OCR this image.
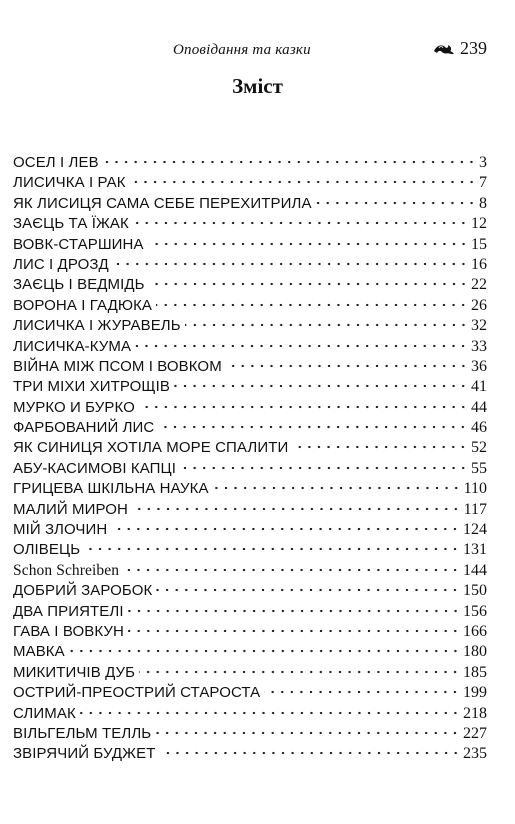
Оповідання та казки	239
Зміст
ОСЕЛ І ЛЕВ	3
ЛИСИЧКА І РАК	7
ЯК ЛИСИЦЯ САМА СЕБЕ ПЕРЕХИТРИЛА	8
ЗАЄЦЬ ТА ЇЖАК	12
ВОВК-СТАРШИНА	15
ЛИС І ДРОЗД	16
ЗАЄЦЬ І ВЕДМІДЬ	22
ВОРОНА І ГАДЮКА	26
ЛИСИЧКА І ЖУРАВЕЛЬ	32
ЛИСИЧКА-КУМА	33
ВІЙНА МІЖ ПСОМ І ВОВКОМ	36
ТРИ МІХИ ХИТРОЩІВ	41
МУРКО И БУРКО	44
ФАРБОВАНИЙ ЛИС	46
ЯК СИНИЦЯ ХОТІЛА МОРЕ СПАЛИТИ	52
АБУ-КАСИМОВІ КАПЦІ	55
ГРИЦЕВА ШКІЛЬНА НАУКА	110
МАЛИЙ МИРОН	117
МІЙ ЗЛОЧИН	124
ОЛІВЕЦЬ	131
Schon Schreiben	144
ДОБРИЙ ЗАРОБОК	150
ДВА ПРИЯТЕЛІ	156
ГАВА І ВОВКУН	166
МАВКА	180
МИКИТИЧІВ ДУБ	185
ОСТРИЙ-ПРЕОСТРИЙ СТАРОСТА	199
СЛИМАК	218
ВІЛЬГЕЛЬМ ТЕЛЛЬ	227
ЗВІРЯЧИЙ БУДЖЕТ	235
